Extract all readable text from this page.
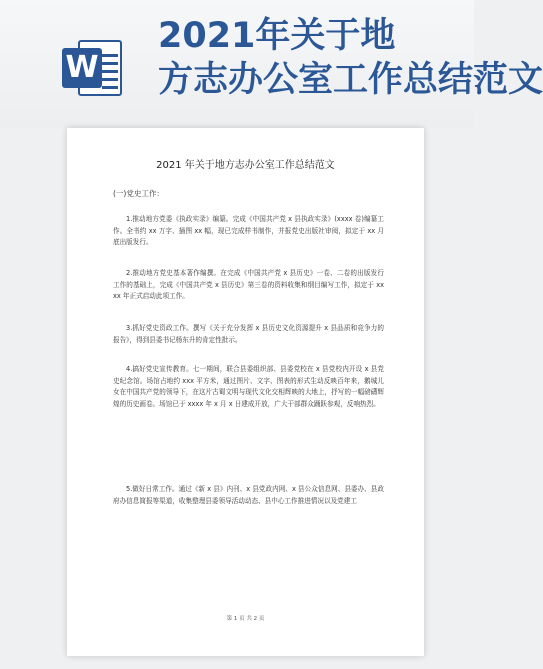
W
2021年关于地
方志办公室工作总结范文
2021 年关于地方志办公室工作总结范文
(一)党史工作：
1.推动地方党委《执政实录》编纂。完成《中国共产党 x 县执政实录》(xxxx 卷)编纂工作。全书约 xx 万字、插图 xx 幅，现已完成样书制作，并报党史出版社审阅，拟定于 xx 月底出版发行。
2.推动地方党史基本著作编撰。在完成《中国共产党 x 县历史》一卷、二卷的出版发行工作的基础上，完成《中国共产党 x 县历史》第三卷的资料收集和纲目编写工作，拟定于 xxxx 年正式启动此项工作。
3.抓好党史资政工作。撰写《关于充分发挥 x 县历史文化资源提升 x 县品质和竞争力的报告》，得到县委书记杨东升的肯定性批示。
4.搞好党史宣传教育。七一期间，联合县委组织部、县委党校在 x 县党校内开设 x 县党史纪念馆。场馆占地约 xxx 平方米，通过图片、文字、图表的形式生动反映百年来，鹅城儿女在中国共产党的领导下，在这片古蜀文明与现代文化交相辉映的大地上，抒写的一幅磅礴辉煌的历史画卷。场馆已于 xxxx 年 x 月 x 日建成开放，广大干部群众踊跃参观，反响热烈。
5.做好日常工作。通过《新 x 县》内刊、x 县党政内网、x 县公众信息网、县委办、县政府办信息简报等渠道，收集整理县委领导活动动态、县中心工作推进情况以及党建工
第 1 页 共 2 页
